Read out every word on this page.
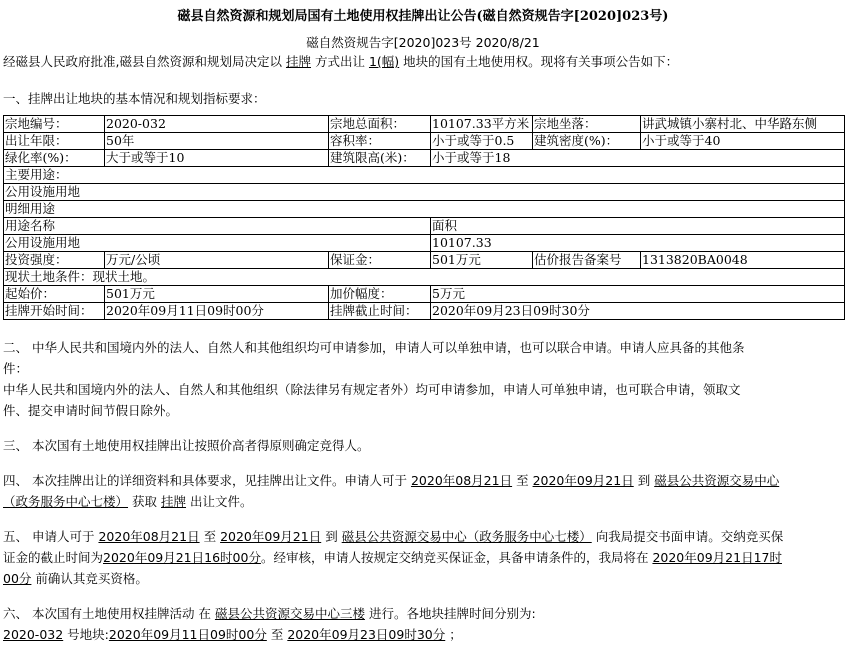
磁县自然资源和规划局国有土地使用权挂牌出让公告(磁自然资规告字[2020]023号)
磁自然资规告字[2020]023号 2020/8/21
经磁县人民政府批准,磁县自然资源和规划局决定以 挂牌 方式出让 1(幅) 地块的国有土地使用权。现将有关事项公告如下：
一、挂牌出让地块的基本情况和规划指标要求：
宗地编号：	2020-032	宗地总面积：	10107.33平方米	宗地坐落：	讲武城镇小寨村北、中华路东侧
出让年限：	50年	容积率：	小于或等于0.5	建筑密度(%)：	小于或等于40
绿化率(%)：	大于或等于10	建筑限高(米)：	小于或等于18		
主要用途：					
公用设施用地					
明细用途					
用途名称			面积		
公用设施用地			10107.33		
投资强度：	万元/公顷	保证金：	501万元	估价报告备案号	1313820BA0048
现状土地条件：现状土地。					
起始价：	501万元	加价幅度：	5万元		
挂牌开始时间：	2020年09月11日09时00分	挂牌截止时间：	2020年09月23日09时30分		
二、 中华人民共和国境内外的法人、自然人和其他组织均可申请参加，申请人可以单独申请，也可以联合申请。申请人应具备的其他条
件：
中华人民共和国境内外的法人、自然人和其他组织（除法律另有规定者外）均可申请参加，申请人可单独申请，也可联合申请，领取文
件、提交申请时间节假日除外。
三、 本次国有土地使用权挂牌出让按照价高者得原则确定竞得人。
四、 本次挂牌出让的详细资料和具体要求，见挂牌出让文件。申请人可于 2020年08月21日 至 2020年09月21日 到 磁县公共资源交易中心
（政务服务中心七楼） 获取 挂牌 出让文件。
五、 申请人可于 2020年08月21日 至 2020年09月21日 到 磁县公共资源交易中心（政务服务中心七楼） 向我局提交书面申请。交纳竞买保
证金的截止时间为2020年09月21日16时00分。经审核，申请人按规定交纳竞买保证金，具备申请条件的，我局将在 2020年09月21日17时
00分 前确认其竞买资格。
六、 本次国有土地使用权挂牌活动 在 磁县公共资源交易中心三楼 进行。各地块挂牌时间分别为:
2020-032 号地块:2020年09月11日09时00分 至 2020年09月23日09时30分 ；
